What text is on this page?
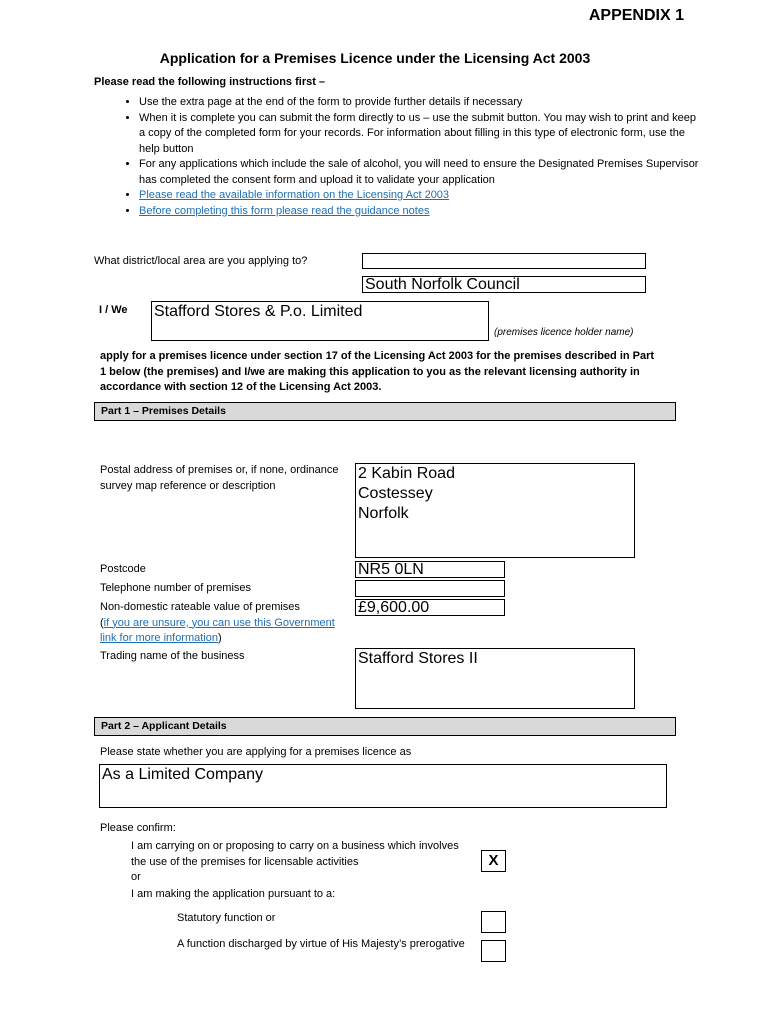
APPENDIX 1
Application for a Premises Licence under the Licensing Act 2003
Please read the following instructions first –
• Use the extra page at the end of the form to provide further details if necessary
• When it is complete you can submit the form directly to us – use the submit button. You may wish to print and keep a copy of the completed form for your records. For information about filling in this type of electronic form, use the help button
• For any applications which include the sale of alcohol, you will need to ensure the Designated Premises Supervisor has completed the consent form and upload it to validate your application
• Please read the available information on the Licensing Act 2003
• Before completing this form please read the guidance notes
What district/local area are you applying to?
South Norfolk Council
I / We Stafford Stores & P.o. Limited
(premises licence holder name)
apply for a premises licence under section 17 of the Licensing Act 2003 for the premises described in Part 1 below (the premises) and I/we are making this application to you as the relevant licensing authority in accordance with section 12 of the Licensing Act 2003.
Part 1 – Premises Details
Postal address of premises or, if none, ordinance survey map reference or description
2 Kabin Road
Costessey
Norfolk
Postcode	NR5 0LN
Telephone number of premises
Non-domestic rateable value of premises
(if you are unsure, you can use this Government link for more information)
£9,600.00
Trading name of the business	Stafford Stores II
Part 2 – Applicant Details
Please state whether you are applying for a premises licence as
As a Limited Company
Please confirm:
I am carrying on or proposing to carry on a business which involves the use of the premises for licensable activities	X
or
I am making the application pursuant to a:
Statutory function or
A function discharged by virtue of His Majesty’s prerogative
